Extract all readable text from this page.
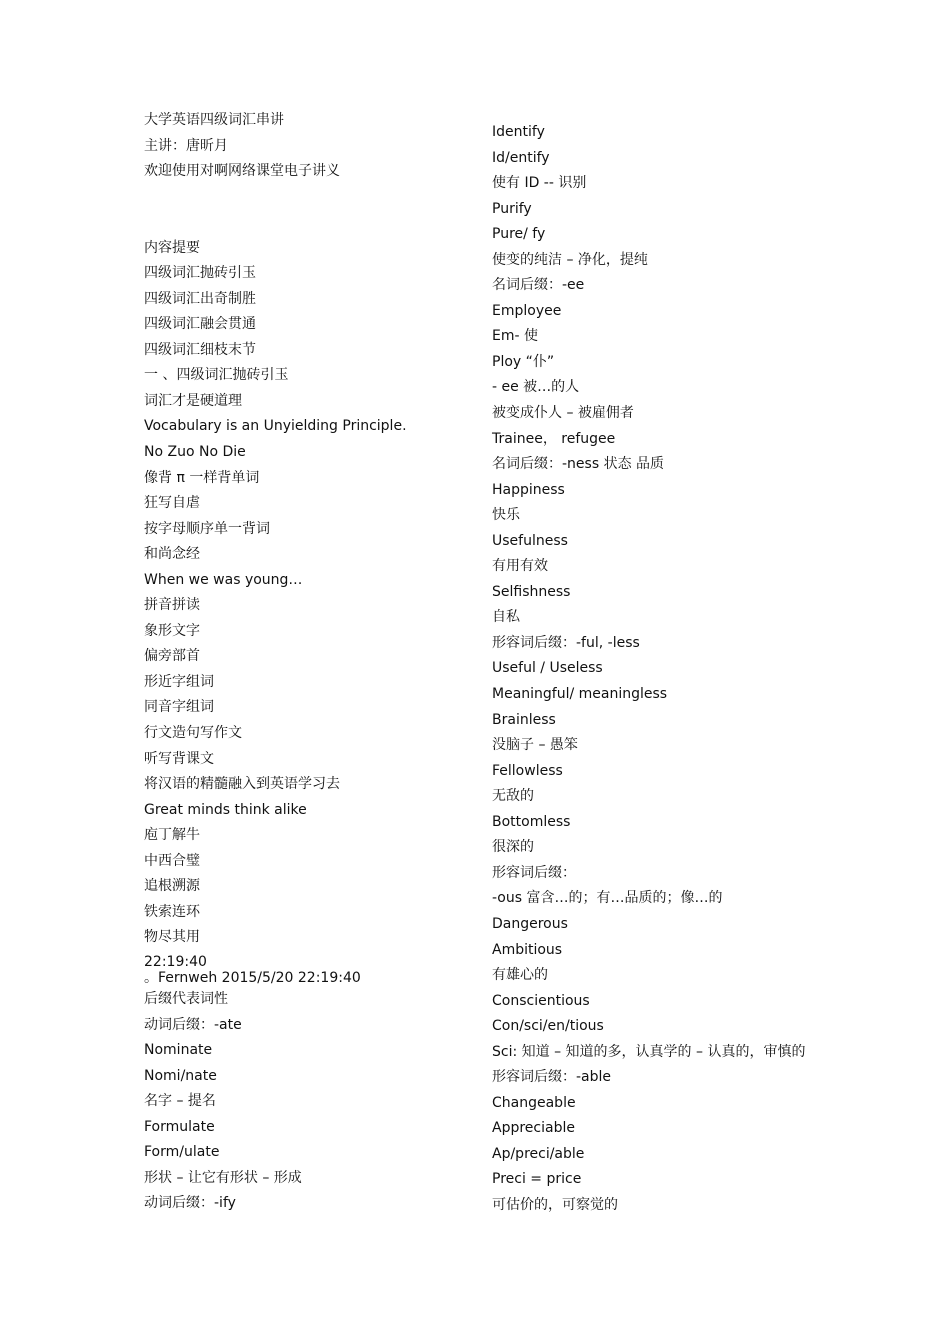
大学英语四级词汇串讲
主讲：唐昕月
欢迎使用对啊网络课堂电子讲义
内容提要
四级词汇抛砖引玉
四级词汇出奇制胜
四级词汇融会贯通
四级词汇细枝末节
一 、四级词汇抛砖引玉
词汇才是硬道理
Vocabulary is an Unyielding Principle.
No Zuo No Die
像背 π 一样背单词
狂写自虐
按字母顺序单一背词
和尚念经
When we was young…
拼音拼读
象形文字
偏旁部首
形近字组词
同音字组词
行文造句写作文
听写背课文
将汉语的精髓融入到英语学习去
Great minds think alike
庖丁解牛
中西合璧
追根溯源
铁索连环
物尽其用
22:19:40
。Fernweh 2015/5/20 22:19:40
后缀代表词性
动词后缀：-ate
Nominate
Nomi/nate
名字 – 提名
Formulate
Form/ulate
形状 – 让它有形状 – 形成
动词后缀：-ify
Identify
Id/entify
使有 ID -- 识别
Purify
Pure/ fy
使变的纯洁 – 净化，提纯
名词后缀：-ee
Employee
Em- 使
Ploy “仆”
- ee 被…的人
被变成仆人 – 被雇佣者
Trainee， refugee
名词后缀：-ness 状态 品质
Happiness
快乐
Usefulness
有用有效
Selfishness
自私
形容词后缀：-ful, -less
Useful / Useless
Meaningful/ meaningless
Brainless
没脑子 – 愚笨
Fellowless
无敌的
Bottomless
很深的
形容词后缀：
-ous 富含…的；有…品质的；像…的
Dangerous
Ambitious
有雄心的
Conscientious
Con/sci/en/tious
Sci: 知道 – 知道的多，认真学的 – 认真的，审慎的
形容词后缀：-able
Changeable
Appreciable
Ap/preci/able
Preci = price
可估价的，可察觉的
